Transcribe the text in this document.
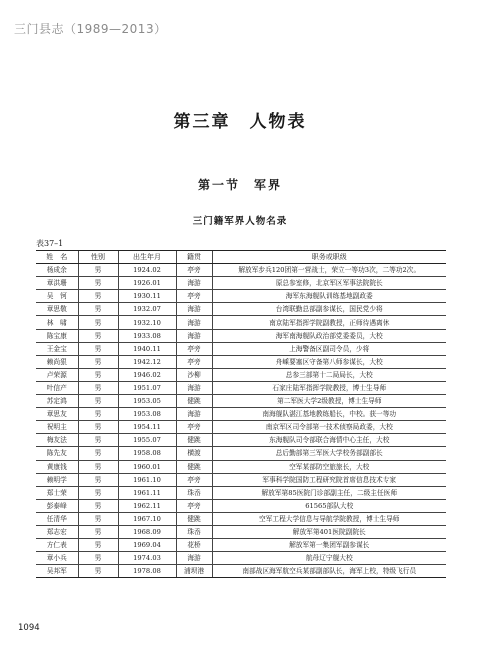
三门县志（1989—2013）
第三章　人物表
第一节　军界
三门籍军界人物名录
表37–1
姓　名	性别	出生年月	籍贯	职务或职级
杨成余	男	1924.02	亭旁	解放军步兵120团第一营战士，荣立一等功3次，二等功2次。
章洪珊	男	1926.01	海游	原总参室修，北京军区军事法院院长
吴　钶	男	1930.11	亭旁	海军东海舰队训练基地副政委
章思敬	男	1932.07	海游	台湾联勤总部副参谋长，国民党少将
林　啸	男	1932.10	海游	南京陆军指挥学院副教授，正师待遇离休
陈宝康	男	1933.08	海游	海军南海舰队政治部党委委员，大校
王金宝	男	1940.11	亭旁	上海警备区副司令员，少将
赖尚狠	男	1942.12	亭旁	舟嵊要塞区守备第八师参谋长，大校
卢荣源	男	1946.02	沙柳	总参三部第十二局局长，大校
叶信产	男	1951.07	海游	石家庄陆军指挥学院教授，博士生导师
苏定鸿	男	1953.05	健跳	第二军医大学2级教授，博士生导师
章思友	男	1953.08	海游	南海舰队湛江基地教练船长，中校。获一等功
祝明主	男	1954.11	亭旁	南京军区司令部第一技术侦察局政委，大校
梅友法	男	1955.07	健跳	东海舰队司令部联合海情中心主任，大校
陈先友	男	1958.08	横渡	总后勤部第三军医大学校务部副部长
黄康钱	男	1960.01	健跳	空军某部防空旅旅长，大校
赖明学	男	1961.10	亭旁	军事科学院国防工程研究院首席信息技术专家
郑士荣	男	1961.11	珠岙	解放军第85医院门诊部副主任，二级主任医师
彭泰峰	男	1962.11	亭旁	61565部队大校
任清华	男	1967.10	健跳	空军工程大学信息与导航学院教授，博士生导师
郑志宏	男	1968.09	珠岙	解放军第401医院副院长
方仁表	男	1969.04	花桥	解放军第一集团军副参谋长
章小兵	男	1974.03	海游	航母辽宁舰大校
吴邦军	男	1978.08	浦坝港	南部战区海军航空兵某部副部队长，海军上校，特级飞行员
1094
